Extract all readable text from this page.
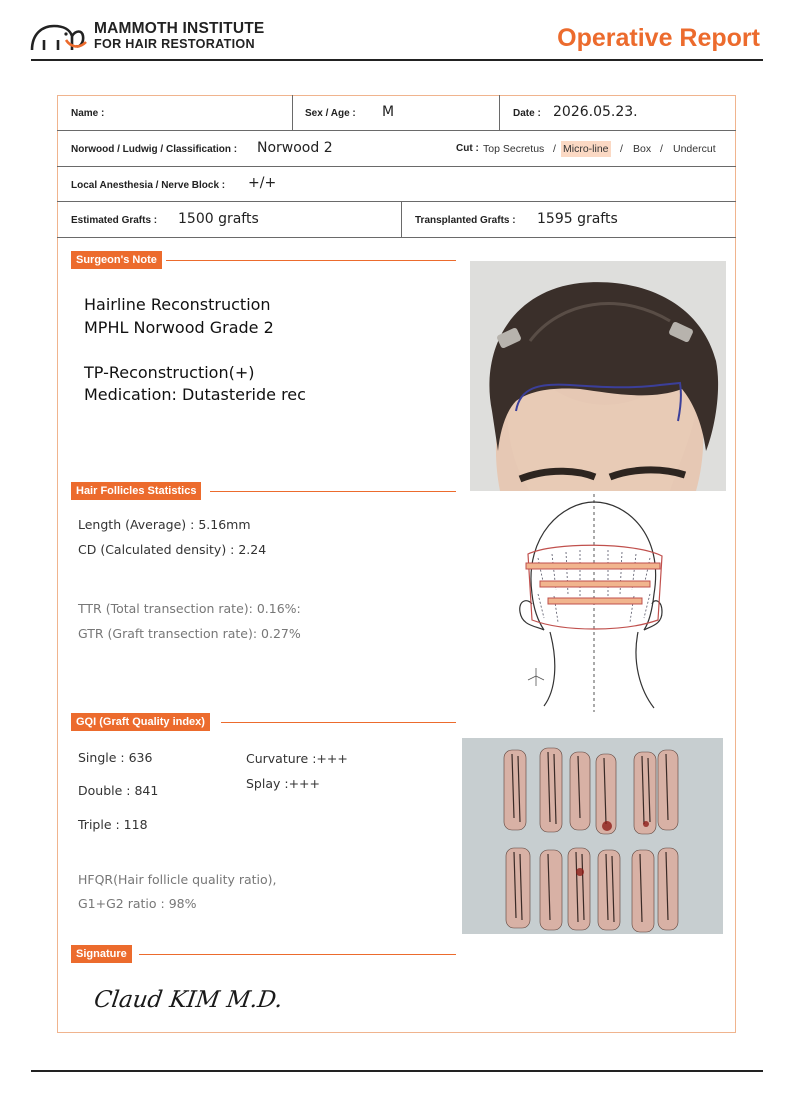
MAMMOTH INSTITUTE
FOR HAIR RESTORATION	Operative Report
Name :	Sex / Age : M	Date : 2026.05.23.
Norwood / Ludwig / Classification : Norwood 2	Cut : Top Secretus / Micro-line / Box / Undercut
Local Anesthesia / Nerve Block : +/+
Estimated Grafts : 1500 grafts	Transplanted Grafts : 1595 grafts
Surgeon's Note
Hairline Reconstruction
MPHL Norwood Grade 2
TP-Reconstruction(+)
Medication: Dutasteride rec
Hair Follicles Statistics
Length (Average) : 5.16mm
CD (Calculated density) : 2.24
TTR (Total transection rate): 0.16%:
GTR (Graft transection rate): 0.27%
GQI (Graft Quality index)
Single : 636
Double : 841
Triple : 118
Curvature :+++
Splay :+++
HFQR(Hair follicle quality ratio),
G1+G2 ratio : 98%
Signature
Claud KIM M.D.
